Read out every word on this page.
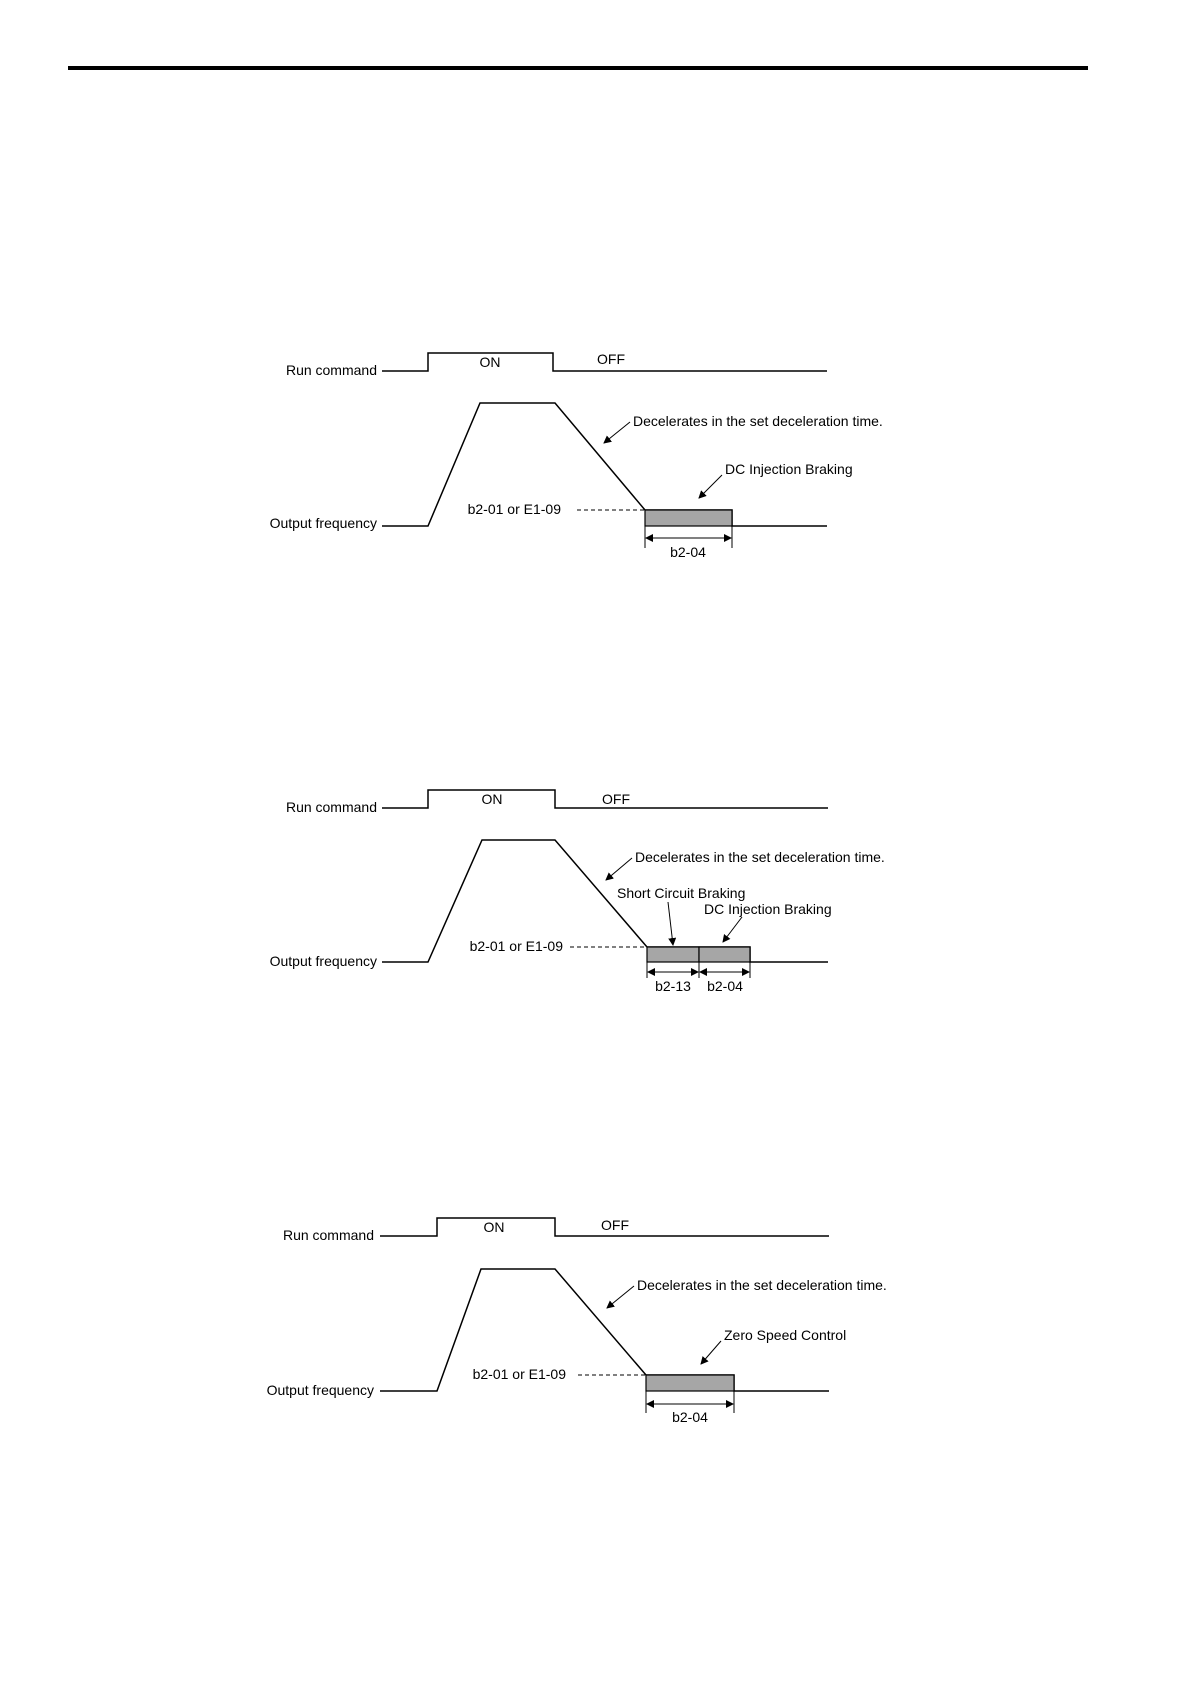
Run command	ON	OFF
Output frequency
b2-01 or E1-09
Decelerates in the set deceleration time.
DC Injection Braking
b2-04
Run command	ON	OFF
Output frequency
b2-01 or E1-09
Decelerates in the set deceleration time.
Short Circuit Braking
DC Injection Braking
b2-13 b2-04
Run command	ON	OFF
Output frequency
b2-01 or E1-09
Decelerates in the set deceleration time.
Zero Speed Control
b2-04
